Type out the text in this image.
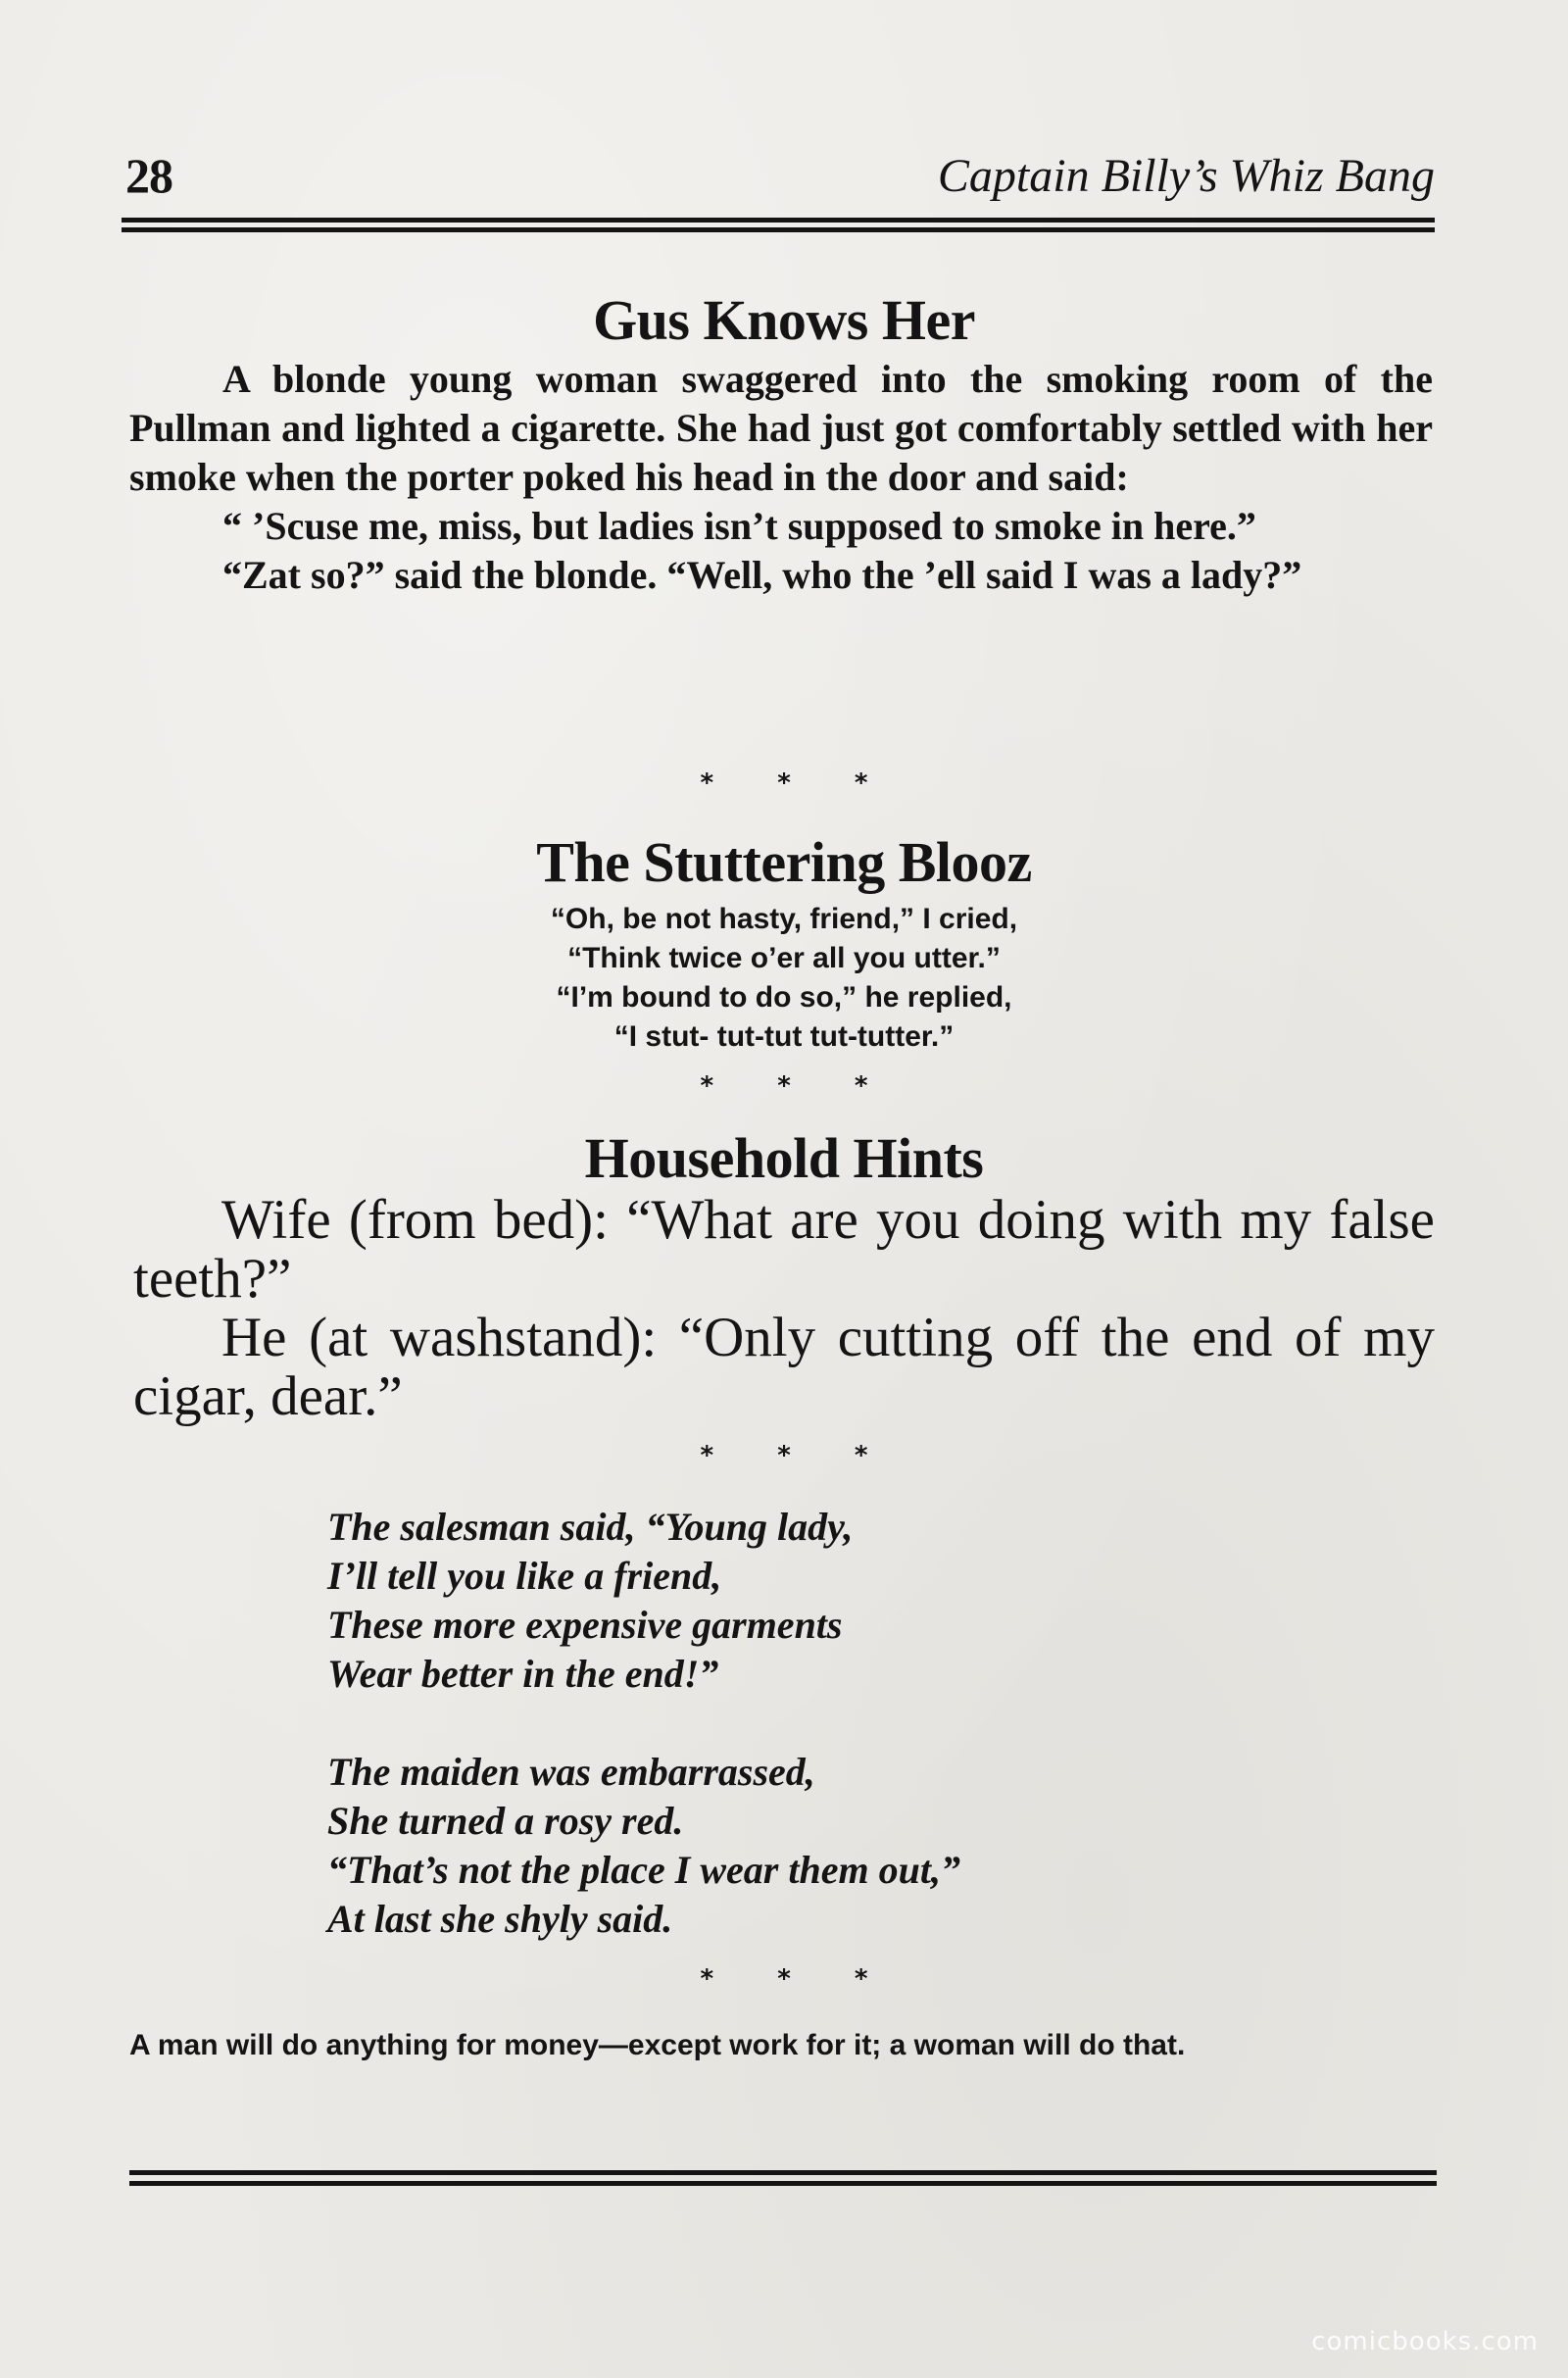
28	Captain Billy’s Whiz Bang
Gus Knows Her

A blonde young woman swaggered into the smoking room of the Pullman and lighted a cigarette. She had just got comfortably settled with her smoke when the porter poked his head in the door and said:

“ ’Scuse me, miss, but ladies isn’t supposed to smoke in here.”

“Zat so?” said the blonde. “Well, who the ’ell said I was a lady?”

* * *
The Stuttering Blooz
“Oh, be not hasty, friend,” I cried,
“Think twice o’er all you utter.”
“I’m bound to do so,” he replied,
“I stut- tut-tut tut-tutter.”
* * *
Household Hints

Wife (from bed): “What are you doing with my false teeth?”

He (at washstand): “Only cutting off the end of my cigar, dear.”

* * *
The salesman said, “Young lady,
I’ll tell you like a friend,
These more expensive garments
Wear better in the end!”
The maiden was embarrassed,
She turned a rosy red.
“That’s not the place I wear them out,”
At last she shyly said.
* * *
A man will do anything for money—except work for it; a woman will do that.
comicbooks.com
